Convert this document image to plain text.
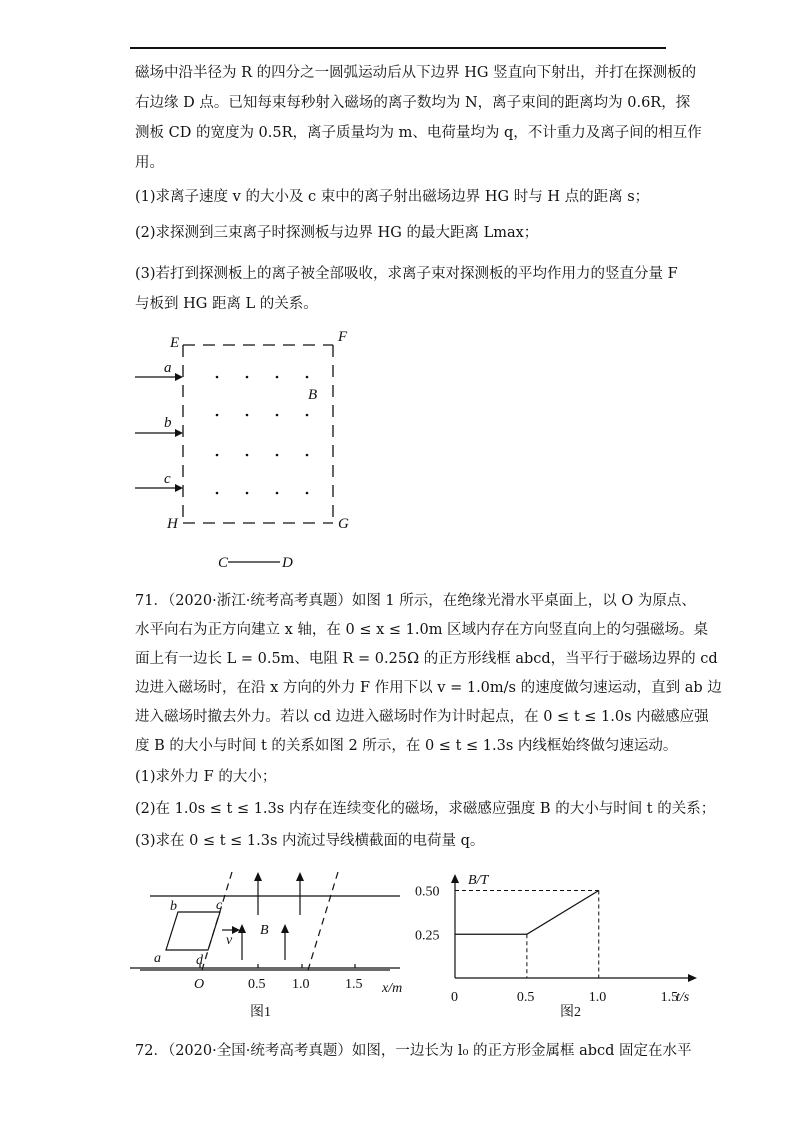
磁场中沿半径为 R 的四分之一圆弧运动后从下边界 HG 竖直向下射出，并打在探测板的
右边缘 D 点。已知每束每秒射入磁场的离子数均为 N，离子束间的距离均为 0.6R，探
测板 CD 的宽度为 0.5R，离子质量均为 m、电荷量均为 q，不计重力及离子间的相互作
用。
(1)求离子速度 v 的大小及 c 束中的离子射出磁场边界 HG 时与 H 点的距离 s；
(2)求探测到三束离子时探测板与边界 HG 的最大距离 Lmax；
(3)若打到探测板上的离子被全部吸收，求离子束对探测板的平均作用力的竖直分量 F
与板到 HG 距离 L 的关系。
E	F
H	G
a
b
c
B
C	D
71．（2020·浙江·统考高考真题）如图 1 所示，在绝缘光滑水平桌面上，以 O 为原点、
水平向右为正方向建立 x 轴，在 0 ≤ x ≤ 1.0m 区域内存在方向竖直向上的匀强磁场。桌
面上有一边长 L = 0.5m、电阻 R = 0.25Ω 的正方形线框 abcd，当平行于磁场边界的 cd
边进入磁场时，在沿 x 方向的外力 F 作用下以 v = 1.0m/s 的速度做匀速运动，直到 ab 边
进入磁场时撤去外力。若以 cd 边进入磁场时作为计时起点，在 0 ≤ t ≤ 1.0s 内磁感应强
度 B 的大小与时间 t 的关系如图 2 所示，在 0 ≤ t ≤ 1.3s 内线框始终做匀速运动。
(1)求外力 F 的大小；
(2)在 1.0s ≤ t ≤ 1.3s 内存在连续变化的磁场，求磁感应强度 B 的大小与时间 t 的关系；
(3)求在 0 ≤ t ≤ 1.3s 内流过导线横截面的电荷量 q。
b	c
a	d
v
B
O	0.5 1.0	1.5 x/m
图1
0	0.5	1.0	1.5
0.25
0.50
B/T
t/s
图2
72．（2020·全国·统考高考真题）如图，一边长为 l₀ 的正方形金属框 abcd 固定在水平
